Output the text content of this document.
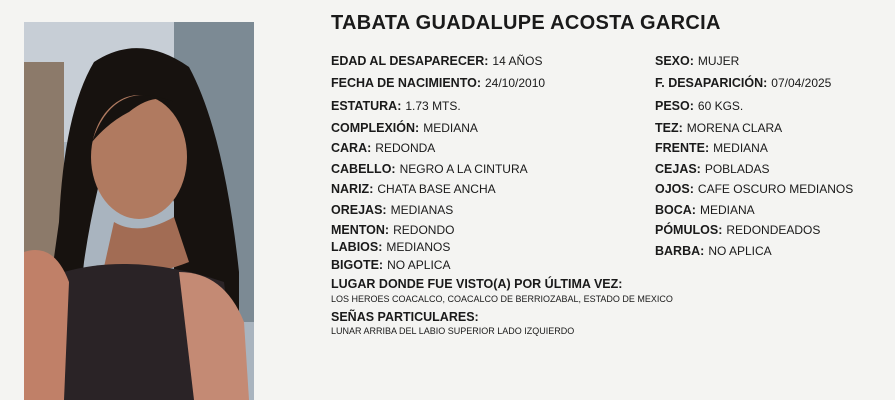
TABATA GUADALUPE ACOSTA GARCIA
EDAD AL DESAPARECER: 14 AÑOS
FECHA DE NACIMIENTO: 24/10/2010
ESTATURA: 1.73 MTS.
COMPLEXIÓN: MEDIANA
CARA: REDONDA
CABELLO: NEGRO A LA CINTURA
NARIZ: CHATA BASE ANCHA
OREJAS: MEDIANAS
MENTON: REDONDO
LABIOS: MEDIANOS
BIGOTE: NO APLICA
SEXO: MUJER
F. DESAPARICIÓN: 07/04/2025
PESO: 60 KGS.
TEZ: MORENA CLARA
FRENTE: MEDIANA
CEJAS: POBLADAS
OJOS: CAFE OSCURO MEDIANOS
BOCA: MEDIANA
PÓMULOS: REDONDEADOS
BARBA: NO APLICA
LUGAR DONDE FUE VISTO(A) POR ÚLTIMA VEZ:
LOS HEROES COACALCO, COACALCO DE BERRIOZABAL, ESTADO DE MEXICO
SEÑAS PARTICULARES:
LUNAR ARRIBA DEL LABIO SUPERIOR LADO IZQUIERDO
